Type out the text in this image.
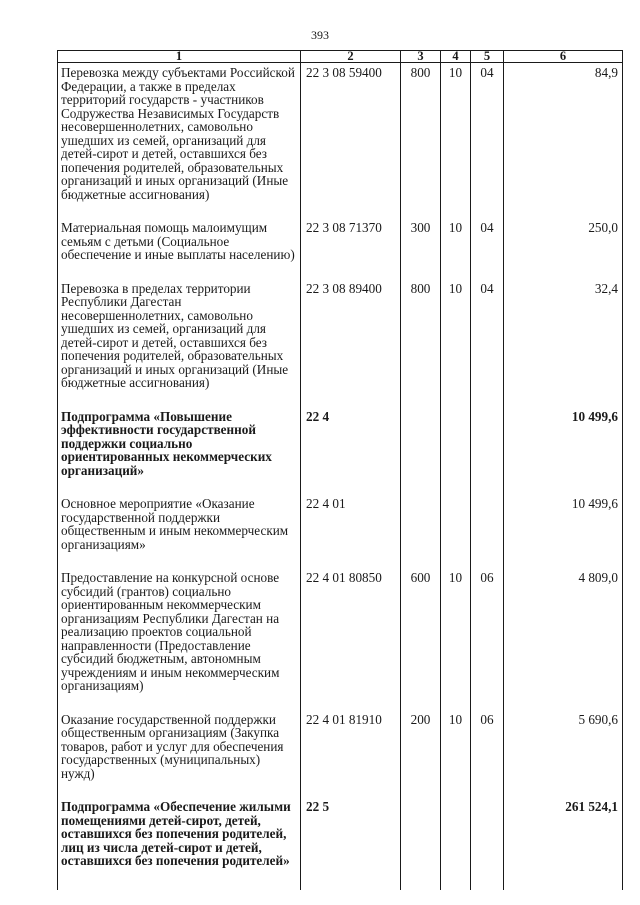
393
1	2	3	4	5	6
Перевозка между субъектами Российской Федерации, а также в пределах территорий государств - участников Содружества Независимых Государств несовершеннолетних, самовольно ушедших из семей, организаций для детей-сирот и детей, оставшихся без попечения родителей, образовательных организаций и иных организаций (Иные бюджетные ассигнования)	22 3 08 59400	800	10	04	84,9
Материальная помощь малоимущим семьям с детьми (Социальное обеспечение и иные выплаты населению)	22 3 08 71370	300	10	04	250,0
Перевозка в пределах территории Республики Дагестан несовершеннолетних, самовольно ушедших из семей, организаций для детей-сирот и детей, оставшихся без попечения родителей, образовательных организаций и иных организаций (Иные бюджетные ассигнования)	22 3 08 89400	800	10	04	32,4
Подпрограмма «Повышение эффективности государственной поддержки социально ориентированных некоммерческих организаций»	22 4				10 499,6
Основное мероприятие «Оказание государственной поддержки общественным и иным некоммерческим организациям»	22 4 01				10 499,6
Предоставление на конкурсной основе субсидий (грантов) социально ориентированным некоммерческим организациям Республики Дагестан на реализацию проектов социальной направленности (Предоставление субсидий бюджетным, автономным учреждениям и иным некоммерческим организациям)	22 4 01 80850	600	10	06	4 809,0
Оказание государственной поддержки общественным организациям (Закупка товаров, работ и услуг для обеспечения государственных (муниципальных) нужд)	22 4 01 81910	200	10	06	5 690,6
Подпрограмма «Обеспечение жилыми помещениями детей-сирот, детей, оставшихся без попечения родителей, лиц из числа детей-сирот и детей, оставшихся без попечения родителей»	22 5				261 524,1
